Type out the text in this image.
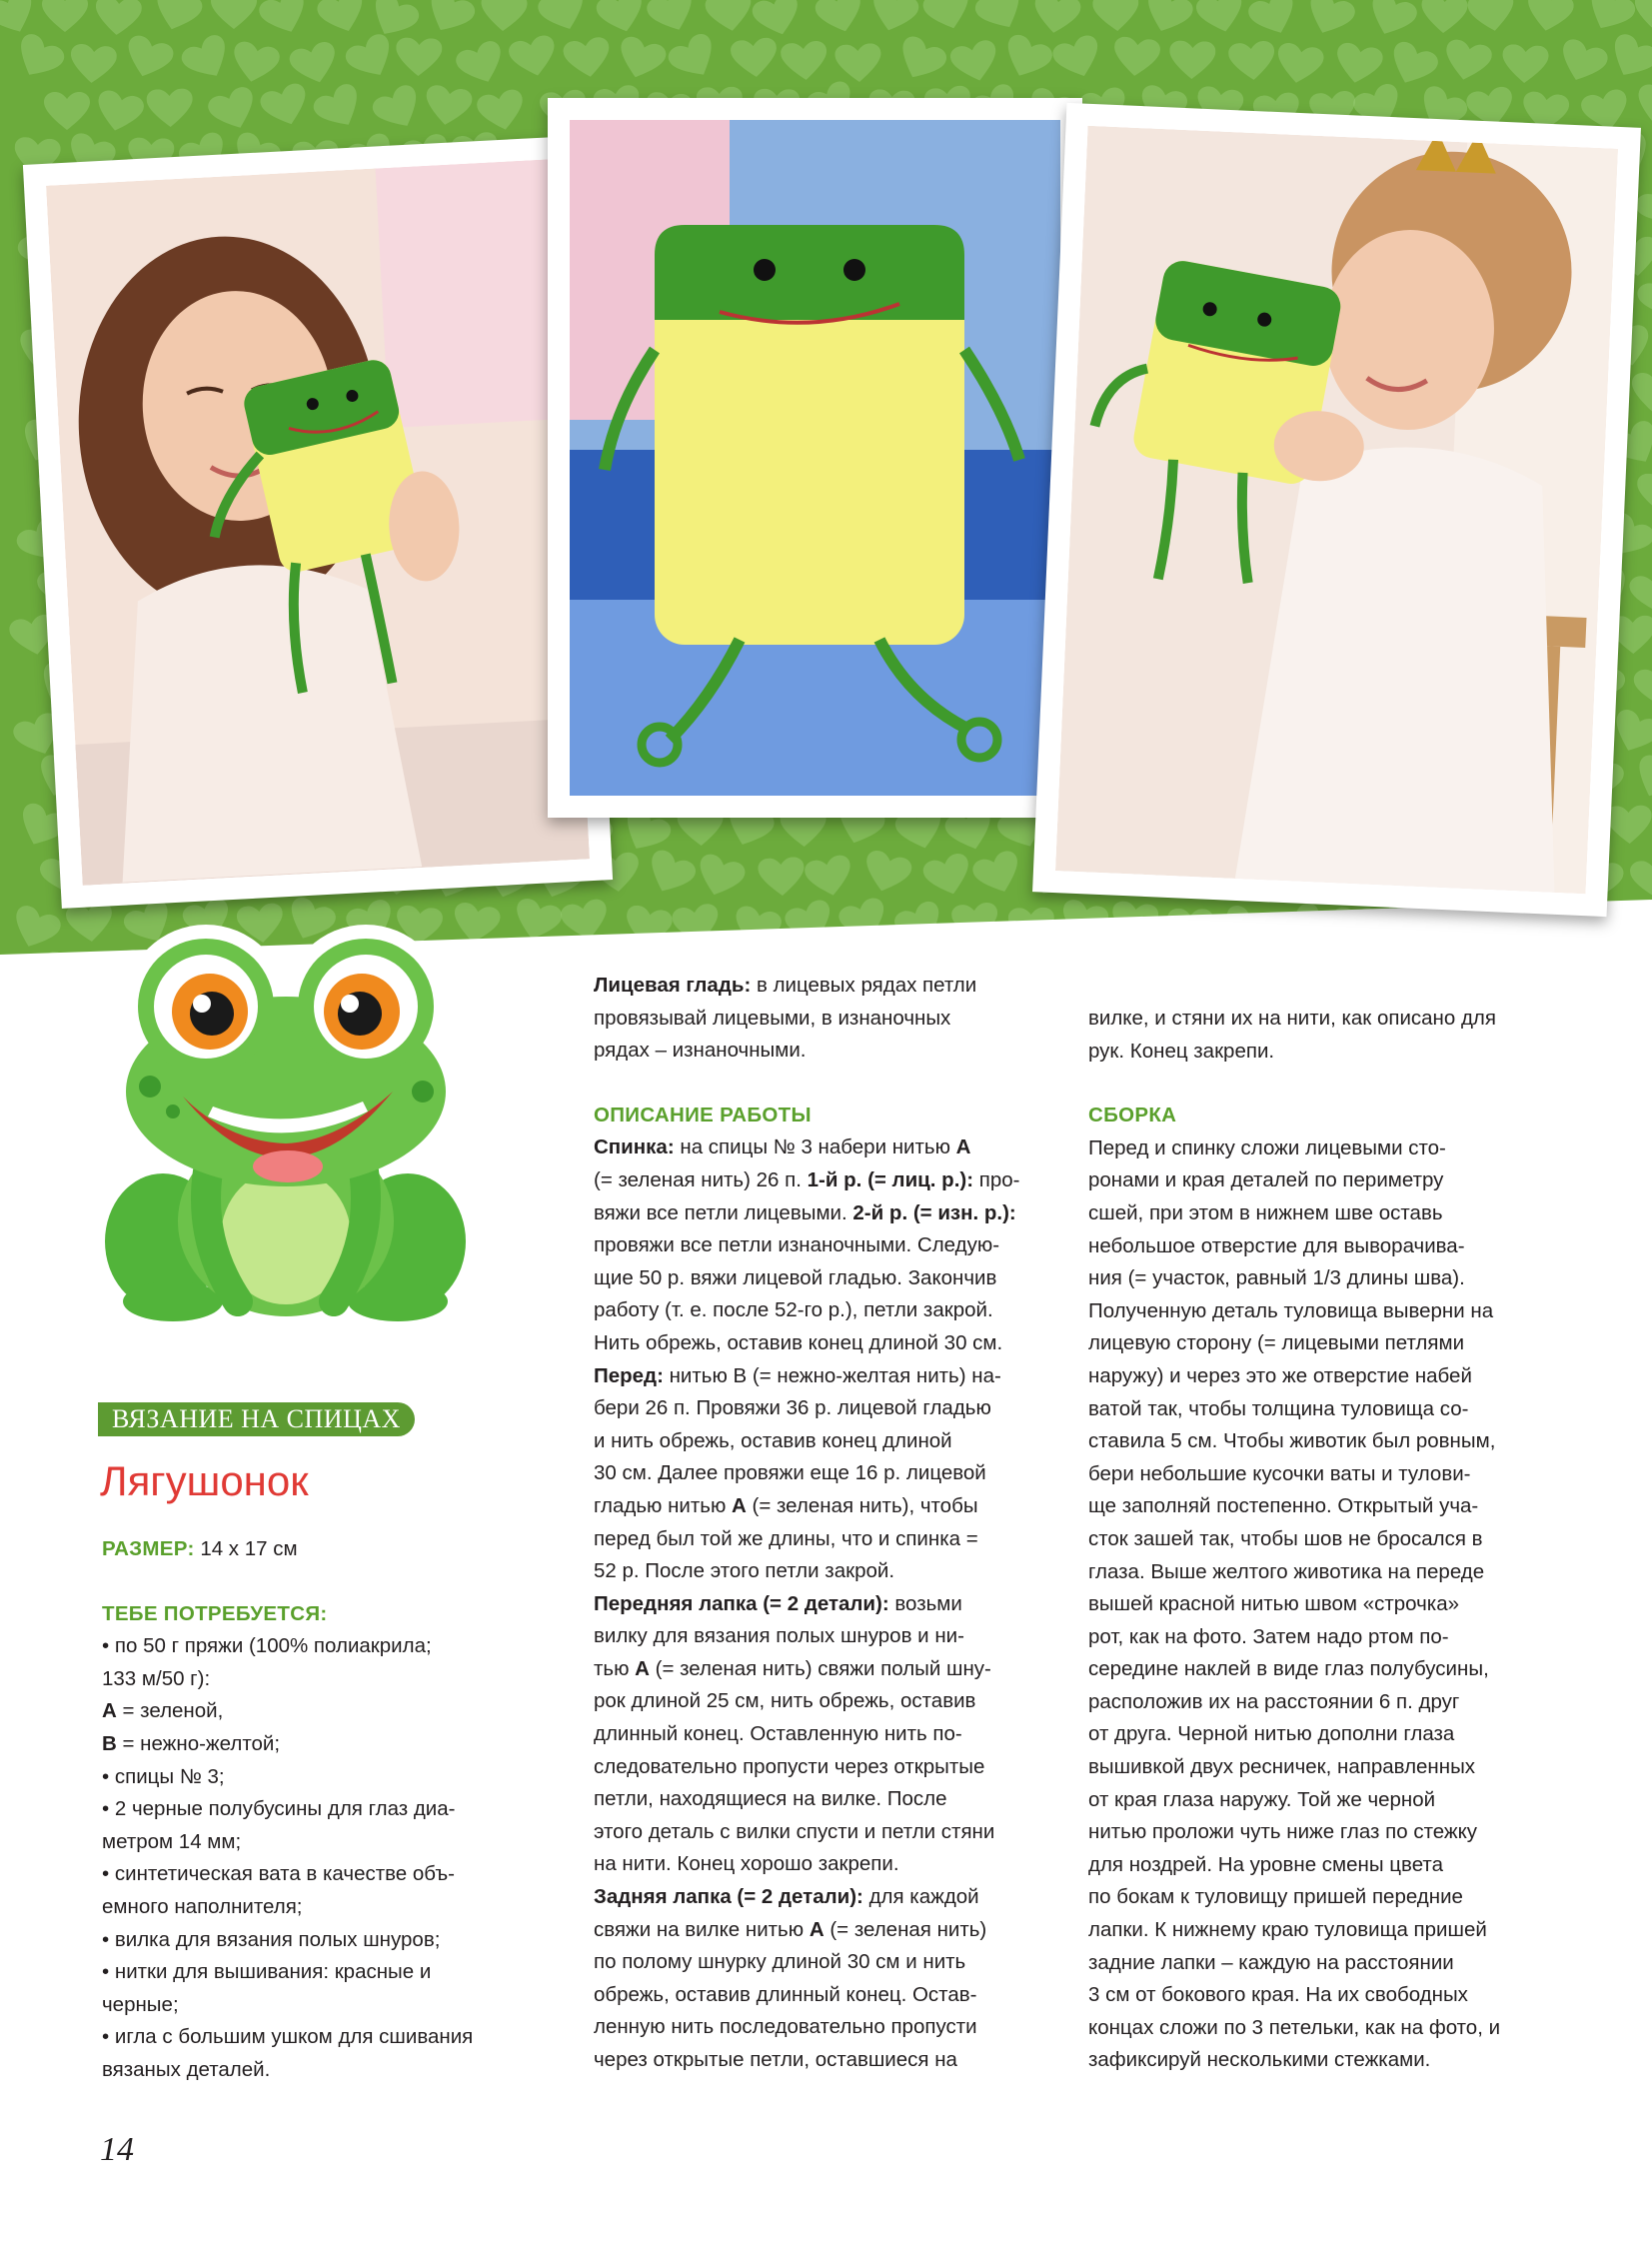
ВЯЗАНИЕ НА СПИЦАХ
Лягушонок

РАЗМЕР: 14 х 17 см

ТЕБЕ ПОТРЕБУЕТСЯ:

• по 50 г пряжи (100% полиакрила;

133 м/50 г):

A = зеленой,

B = нежно-желтой;

• спицы № 3;

• 2 черные полубусины для глаз диа-

метром 14 мм;

• синтетическая вата в качестве объ-

емного наполнителя;

• вилка для вязания полых шнуров;

• нитки для вышивания: красные и

черные;

• игла с большим ушком для сшивания

вязаных деталей.

Лицевая гладь: в лицевых рядах петли

провязывай лицевыми, в изнаночных

рядах – изнаночными.

ОПИСАНИЕ РАБОТЫ

Спинка: на спицы № 3 набери нитью A

(= зеленая нить) 26 п. 1-й р. (= лиц. р.): про-

вяжи все петли лицевыми. 2-й р. (= изн. р.):

провяжи все петли изнаночными. Следую-

щие 50 р. вяжи лицевой гладью. Закончив

работу (т. е. после 52-го р.), петли закрой.

Нить обрежь, оставив конец длиной 30 см.

Перед: нитью B (= нежно-желтая нить) на-

бери 26 п. Провяжи 36 р. лицевой гладью

и нить обрежь, оставив конец длиной

30 см. Далее провяжи еще 16 р. лицевой

гладью нитью A (= зеленая нить), чтобы

перед был той же длины, что и спинка =

52 р. После этого петли закрой.

Передняя лапка (= 2 детали): возьми

вилку для вязания полых шнуров и ни-

тью A (= зеленая нить) свяжи полый шну-

рок длиной 25 см, нить обрежь, оставив

длинный конец. Оставленную нить по-

следовательно пропусти через открытые

петли, находящиеся на вилке. После

этого деталь с вилки спусти и петли стяни

на нити. Конец хорошо закрепи.

Задняя лапка (= 2 детали): для каждой

свяжи на вилке нитью A (= зеленая нить)

по полому шнурку длиной 30 см и нить

обрежь, оставив длинный конец. Остав-

ленную нить последовательно пропусти

через открытые петли, оставшиеся на

вилке, и стяни их на нити, как описано для

рук. Конец закрепи.

СБОРКА

Перед и спинку сложи лицевыми сто-

ронами и края деталей по периметру

сшей, при этом в нижнем шве оставь

небольшое отверстие для выворачива-

ния (= участок, равный 1/3 длины шва).

Полученную деталь туловища выверни на

лицевую сторону (= лицевыми петлями

наружу) и через это же отверстие набей

ватой так, чтобы толщина туловища со-

ставила 5 см. Чтобы животик был ровным,

бери небольшие кусочки ваты и тулови-

ще заполняй постепенно. Открытый уча-

сток зашей так, чтобы шов не бросался в

глаза. Выше желтого животика на переде

вышей красной нитью швом «строчка»

рот, как на фото. Затем надо ртом по-

середине наклей в виде глаз полубусины,

расположив их на расстоянии 6 п. друг

от друга. Черной нитью дополни глаза

вышивкой двух ресничек, направленных

от края глаза наружу. Той же черной

нитью проложи чуть ниже глаз по стежку

для ноздрей. На уровне смены цвета

по бокам к туловищу пришей передние

лапки. К нижнему краю туловища пришей

задние лапки – каждую на расстоянии

3 см от бокового края. На их свободных

концах сложи по 3 петельки, как на фото, и

зафиксируй несколькими стежками.

14
